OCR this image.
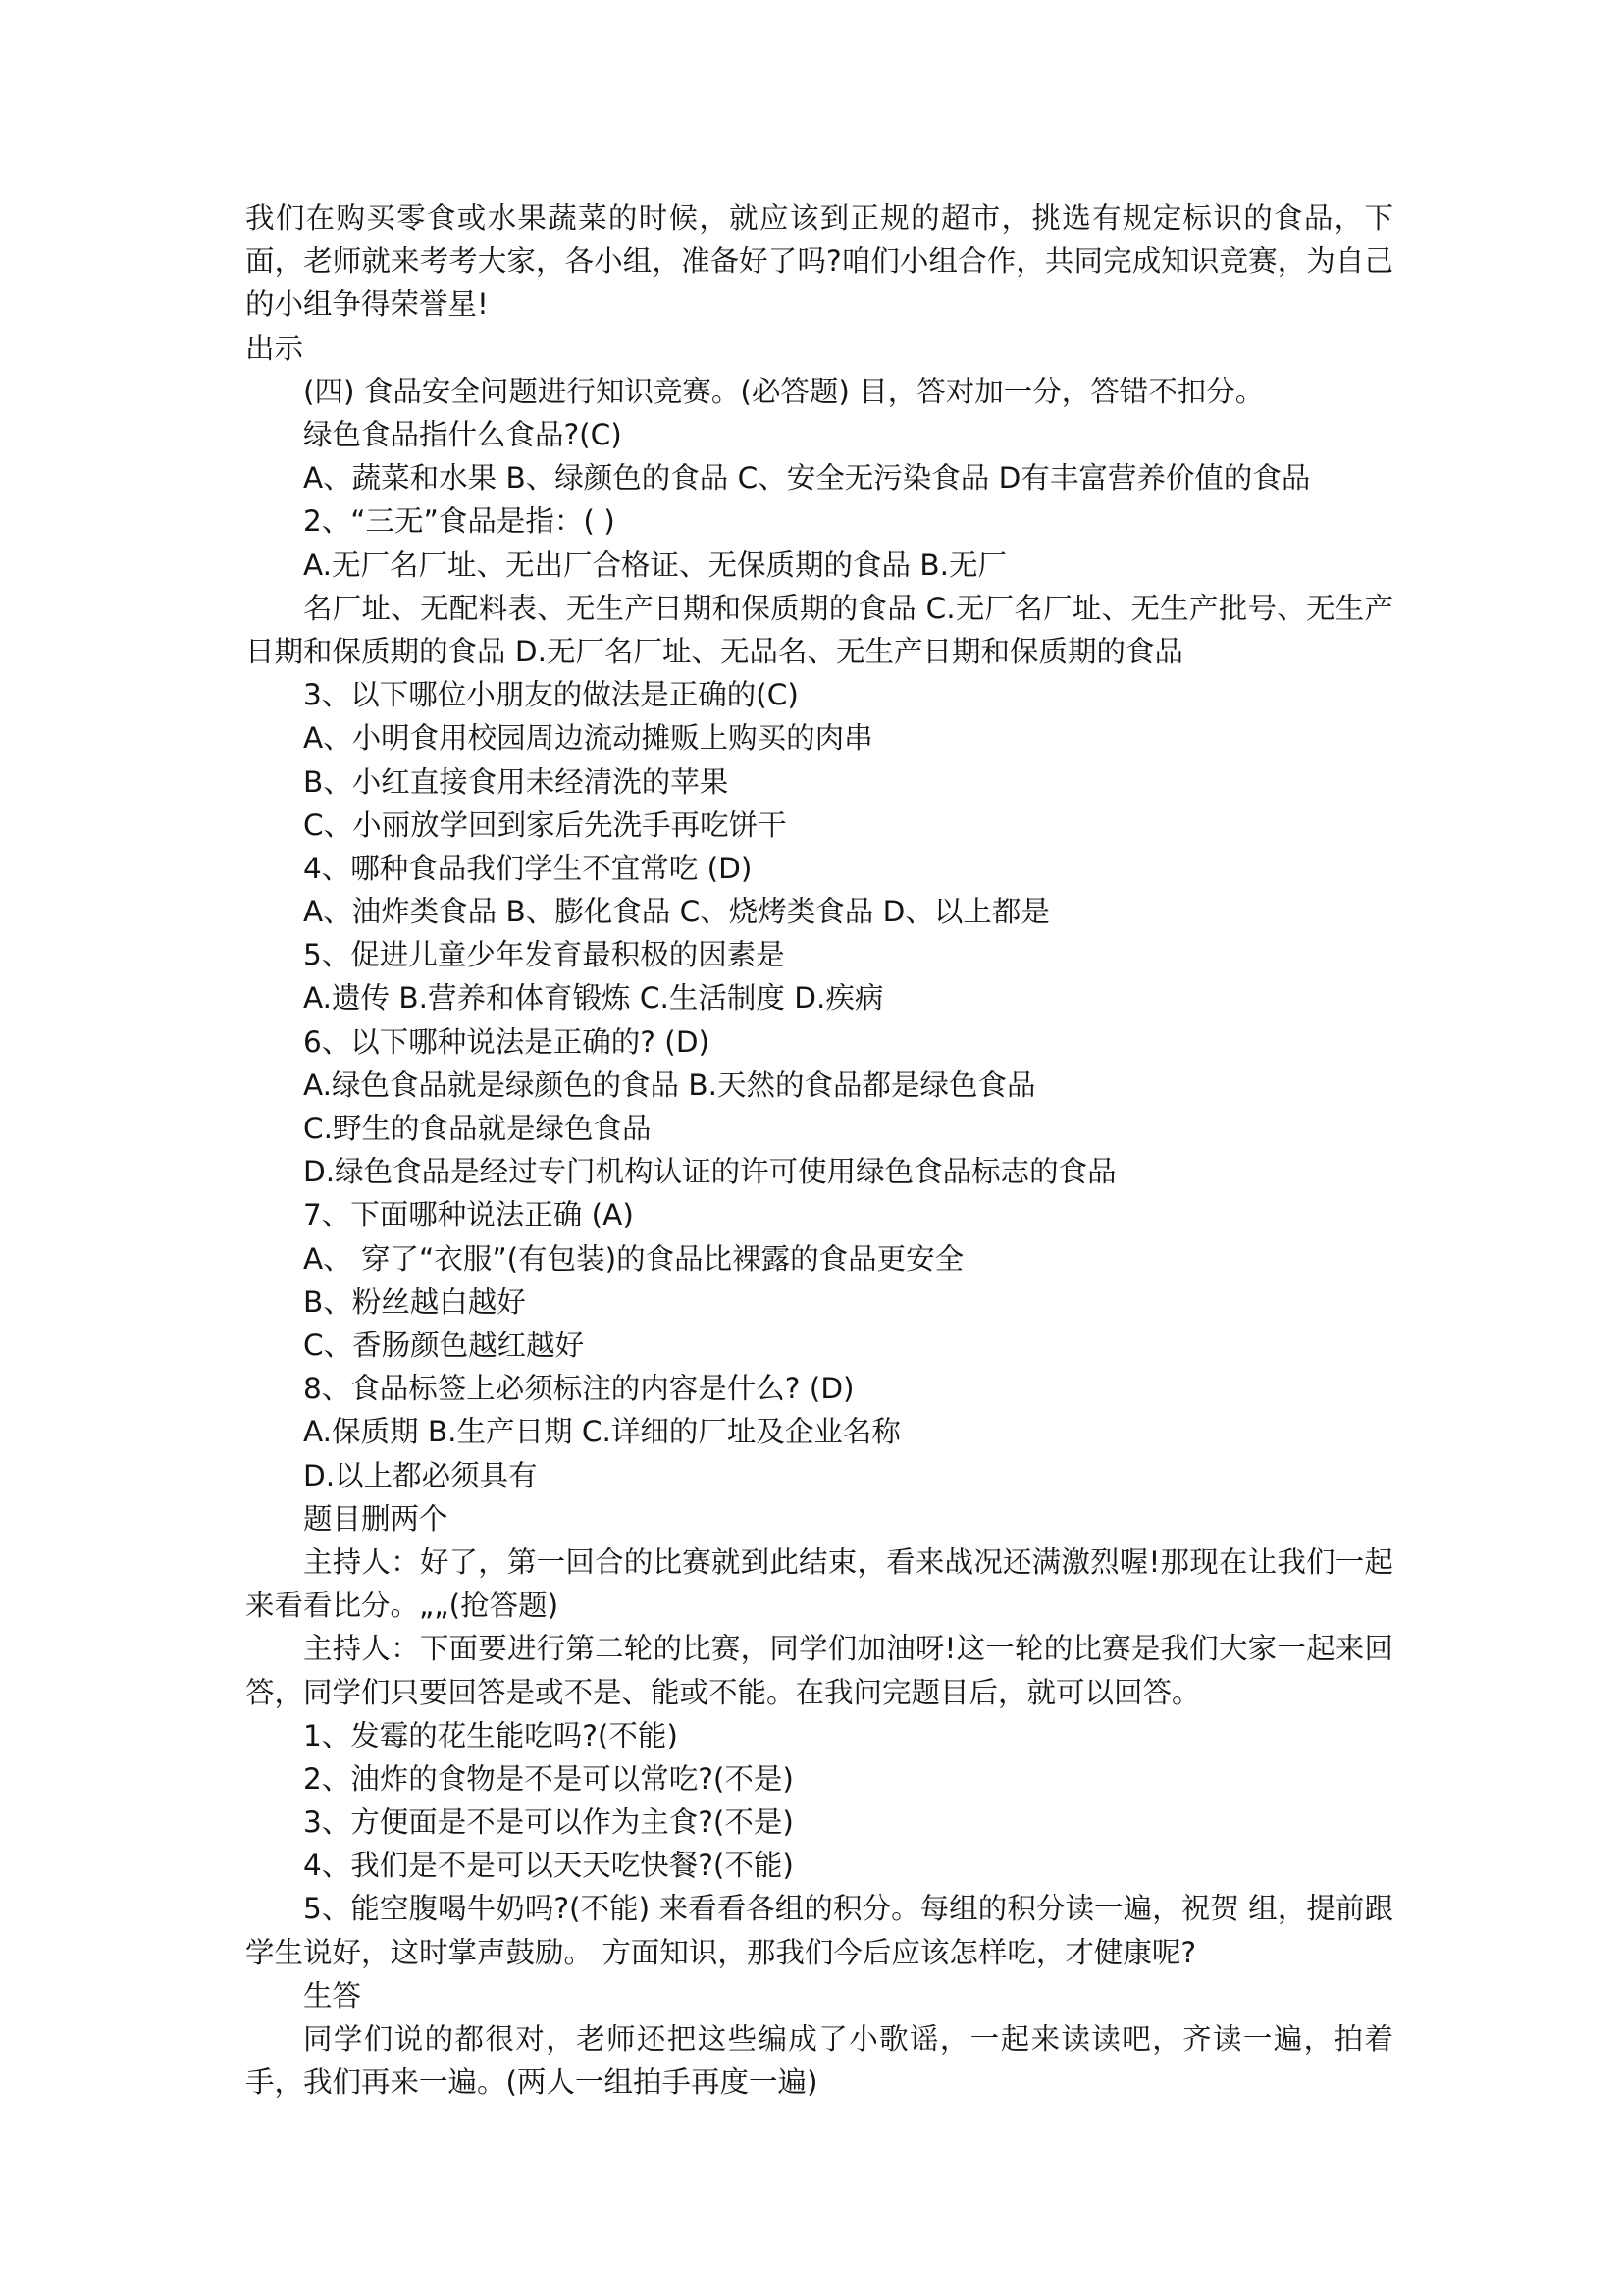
我们在购买零食或水果蔬菜的时候，就应该到正规的超市，挑选有规定标识的食品，下面，老师就来考考大家，各小组，准备好了吗?咱们小组合作，共同完成知识竞赛，为自己的小组争得荣誉星!
出示
(四) 食品安全问题进行知识竞赛。(必答题) 目，答对加一分，答错不扣分。
绿色食品指什么食品?(C)
A、蔬菜和水果 B、绿颜色的食品 C、安全无污染食品 D有丰富营养价值的食品
2、“三无”食品是指：( )
A.无厂名厂址、无出厂合格证、无保质期的食品 B.无厂
名厂址、无配料表、无生产日期和保质期的食品 C.无厂名厂址、无生产批号、无生产日期和保质期的食品 D.无厂名厂址、无品名、无生产日期和保质期的食品
3、以下哪位小朋友的做法是正确的(C)
A、小明食用校园周边流动摊贩上购买的肉串
B、小红直接食用未经清洗的苹果
C、小丽放学回到家后先洗手再吃饼干
4、哪种食品我们学生不宜常吃 (D)
A、油炸类食品 B、膨化食品 C、烧烤类食品 D、以上都是
5、促进儿童少年发育最积极的因素是
A.遗传 B.营养和体育锻炼 C.生活制度 D.疾病
6、以下哪种说法是正确的? (D)
A.绿色食品就是绿颜色的食品 B.天然的食品都是绿色食品
C.野生的食品就是绿色食品
D.绿色食品是经过专门机构认证的许可使用绿色食品标志的食品
7、下面哪种说法正确 (A)
A、 穿了“衣服”(有包装)的食品比裸露的食品更安全
B、粉丝越白越好
C、香肠颜色越红越好
8、食品标签上必须标注的内容是什么? (D)
A.保质期 B.生产日期 C.详细的厂址及企业名称
D.以上都必须具有
题目删两个
主持人：好了，第一回合的比赛就到此结束，看来战况还满激烈喔!那现在让我们一起来看看比分。„„(抢答题)
主持人：下面要进行第二轮的比赛，同学们加油呀!这一轮的比赛是我们大家一起来回答，同学们只要回答是或不是、能或不能。在我问完题目后，就可以回答。
1、发霉的花生能吃吗?(不能)
2、油炸的食物是不是可以常吃?(不是)
3、方便面是不是可以作为主食?(不是)
4、我们是不是可以天天吃快餐?(不能)
5、能空腹喝牛奶吗?(不能) 来看看各组的积分。每组的积分读一遍，祝贺 组，提前跟学生说好，这时掌声鼓励。 方面知识，那我们今后应该怎样吃，才健康呢?
生答
同学们说的都很对，老师还把这些编成了小歌谣，一起来读读吧，齐读一遍，拍着手，我们再来一遍。(两人一组拍手再度一遍)
